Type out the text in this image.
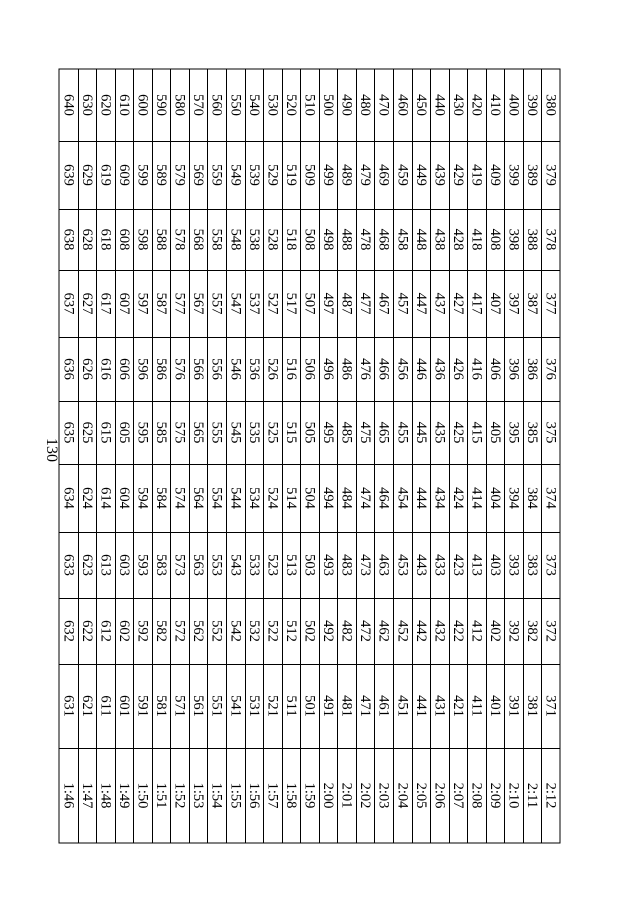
130
640
639
638
637
636
635
634
633
632
631
1:46
630
629
628
627
626
625
624
623
622
621
1:47
620
619
618
617
616
615
614
613
612
611
1:48
610
609
608
607
606
605
604
603
602
601
1:49
600
599
598
597
596
595
594
593
592
591
1:50
590
589
588
587
586
585
584
583
582
581
1:51
580
579
578
577
576
575
574
573
572
571
1:52
570
569
568
567
566
565
564
563
562
561
1:53
560
559
558
557
556
555
554
553
552
551
1:54
550
549
548
547
546
545
544
543
542
541
1:55
540
539
538
537
536
535
534
533
532
531
1:56
530
529
528
527
526
525
524
523
522
521
1:57
520
519
518
517
516
515
514
513
512
511
1:58
510
509
508
507
506
505
504
503
502
501
1:59
500
499
498
497
496
495
494
493
492
491
2:00
490
489
488
487
486
485
484
483
482
481
2:01
480
479
478
477
476
475
474
473
472
471
2:02
470
469
468
467
466
465
464
463
462
461
2:03
460
459
458
457
456
455
454
453
452
451
2:04
450
449
448
447
446
445
444
443
442
441
2:05
440
439
438
437
436
435
434
433
432
431
2:06
430
429
428
427
426
425
424
423
422
421
2:07
420
419
418
417
416
415
414
413
412
411
2:08
410
409
408
407
406
405
404
403
402
401
2:09
400
399
398
397
396
395
394
393
392
391
2:10
390
389
388
387
386
385
384
383
382
381
2:11
380
379
378
377
376
375
374
373
372
371
2:12
